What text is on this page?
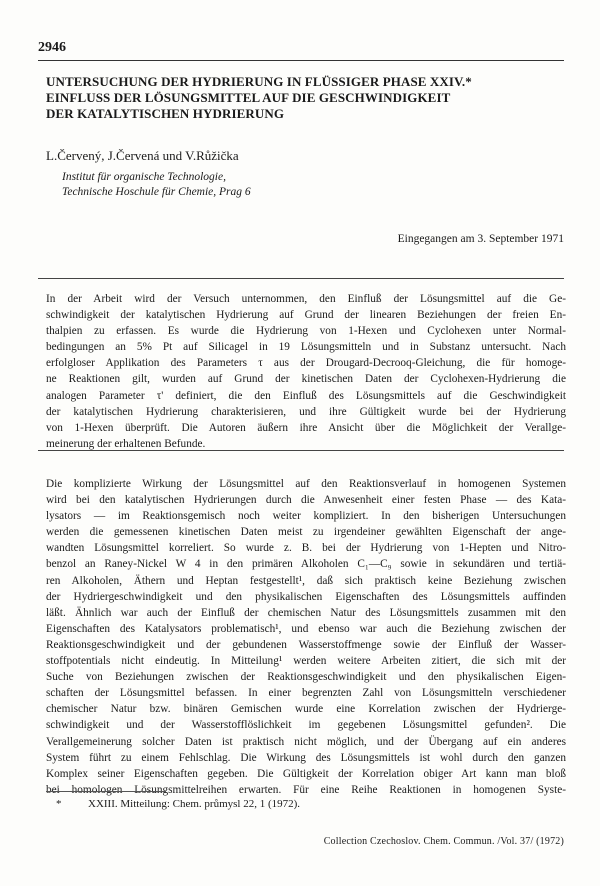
2946
UNTERSUCHUNG DER HYDRIERUNG IN FLÜSSIGER PHASE XXIV.*
EINFLUSS DER LÖSUNGSMITTEL AUF DIE GESCHWINDIGKEIT
DER KATALYTISCHEN HYDRIERUNG
L.Červený, J.Červená und V.Růžička
Institut für organische Technologie,
Technische Hoschule für Chemie, Prag 6
Eingegangen am 3. September 1971
In der Arbeit wird der Versuch unternommen, den Einfluß der Lösungsmittel auf die Ge-
schwindigkeit der katalytischen Hydrierung auf Grund der linearen Beziehungen der freien En-
thalpien zu erfassen. Es wurde die Hydrierung von 1-Hexen und Cyclohexen unter Normal-
bedingungen an 5% Pt auf Silicagel in 19 Lösungsmitteln und in Substanz untersucht. Nach
erfolgloser Applikation des Parameters τ aus der Drougard-Decrooq-Gleichung, die für homoge-
ne Reaktionen gilt, wurden auf Grund der kinetischen Daten der Cyclohexen-Hydrierung die
analogen Parameter τ' definiert, die den Einfluß des Lösungsmittels auf die Geschwindigkeit
der katalytischen Hydrierung charakterisieren, und ihre Gültigkeit wurde bei der Hydrierung
von 1-Hexen überprüft. Die Autoren äußern ihre Ansicht über die Möglichkeit der Verallge-
meinerung der erhaltenen Befunde.
Die komplizierte Wirkung der Lösungsmittel auf den Reaktionsverlauf in homogenen Systemen
wird bei den katalytischen Hydrierungen durch die Anwesenheit einer festen Phase — des Kata-
lysators — im Reaktionsgemisch noch weiter kompliziert. In den bisherigen Untersuchungen
werden die gemessenen kinetischen Daten meist zu irgendeiner gewählten Eigenschaft der ange-
wandten Lösungsmittel korreliert. So wurde z. B. bei der Hydrierung von 1-Hepten und Nitro-
benzol an Raney-Nickel W 4 in den primären Alkoholen C₁—C₉ sowie in sekundären und tertiä-
ren Alkoholen, Äthern und Heptan festgestellt¹, daß sich praktisch keine Beziehung zwischen
der Hydriergeschwindigkeit und den physikalischen Eigenschaften des Lösungsmittels auffinden
läßt. Ähnlich war auch der Einfluß der chemischen Natur des Lösungsmittels zusammen mit den
Eigenschaften des Katalysators problematisch¹, und ebenso war auch die Beziehung zwischen der
Reaktionsgeschwindigkeit und der gebundenen Wasserstoffmenge sowie der Einfluß der Wasser-
stoffpotentials nicht eindeutig. In Mitteilung¹ werden weitere Arbeiten zitiert, die sich mit der
Suche von Beziehungen zwischen der Reaktionsgeschwindigkeit und den physikalischen Eigen-
schaften der Lösungsmittel befassen. In einer begrenzten Zahl von Lösungsmitteln verschiedener
chemischer Natur bzw. binären Gemischen wurde eine Korrelation zwischen der Hydrierge-
schwindigkeit und der Wasserstofflöslichkeit im gegebenen Lösungsmittel gefunden². Die
Verallgemeinerung solcher Daten ist praktisch nicht möglich, und der Übergang auf ein anderes
System führt zu einem Fehlschlag. Die Wirkung des Lösungsmittels ist wohl durch den ganzen
Komplex seiner Eigenschaften gegeben. Die Gültigkeit der Korrelation obiger Art kann man bloß
bei homologen Lösungsmittelreihen erwarten. Für eine Reihe Reaktionen in homogenen Syste-
* XXIII. Mitteilung: Chem. průmysl 22, 1 (1972).
Collection Czechoslov. Chem. Commun. /Vol. 37/ (1972)
